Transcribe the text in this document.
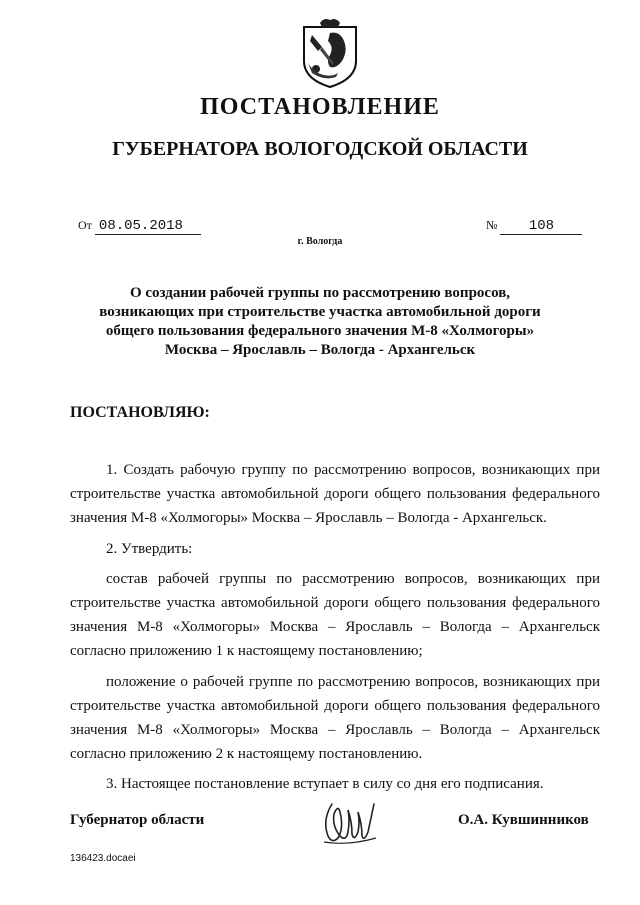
ПОСТАНОВЛЕНИЕ
ГУБЕРНАТОРА ВОЛОГОДСКОЙ ОБЛАСТИ
От 08.05.2018	№ 108
г. Вологда
О создании рабочей группы по рассмотрению вопросов,
возникающих при строительстве участка автомобильной дороги
общего пользования федерального значения М-8 «Холмогоры»
Москва – Ярославль – Вологда - Архангельск
ПОСТАНОВЛЯЮ:

1. Создать рабочую группу по рассмотрению вопросов, возникающих при строительстве участка автомобильной дороги общего пользования федерального значения М-8 «Холмогоры» Москва – Ярославль – Вологда - Архангельск.

2. Утвердить:

состав рабочей группы по рассмотрению вопросов, возникающих при строительстве участка автомобильной дороги общего пользования федерального значения М-8 «Холмогоры» Москва – Ярославль – Вологда – Архангельск согласно приложению 1 к настоящему постановлению;

положение о рабочей группе по рассмотрению вопросов, возникающих при строительстве участка автомобильной дороги общего пользования федерального значения М-8 «Холмогоры» Москва – Ярославль – Вологда – Архангельск согласно приложению 2 к настоящему постановлению.

3. Настоящее постановление вступает в силу со дня его подписания.

Губернатор области	О.А. Кувшинников
136423.docaei
